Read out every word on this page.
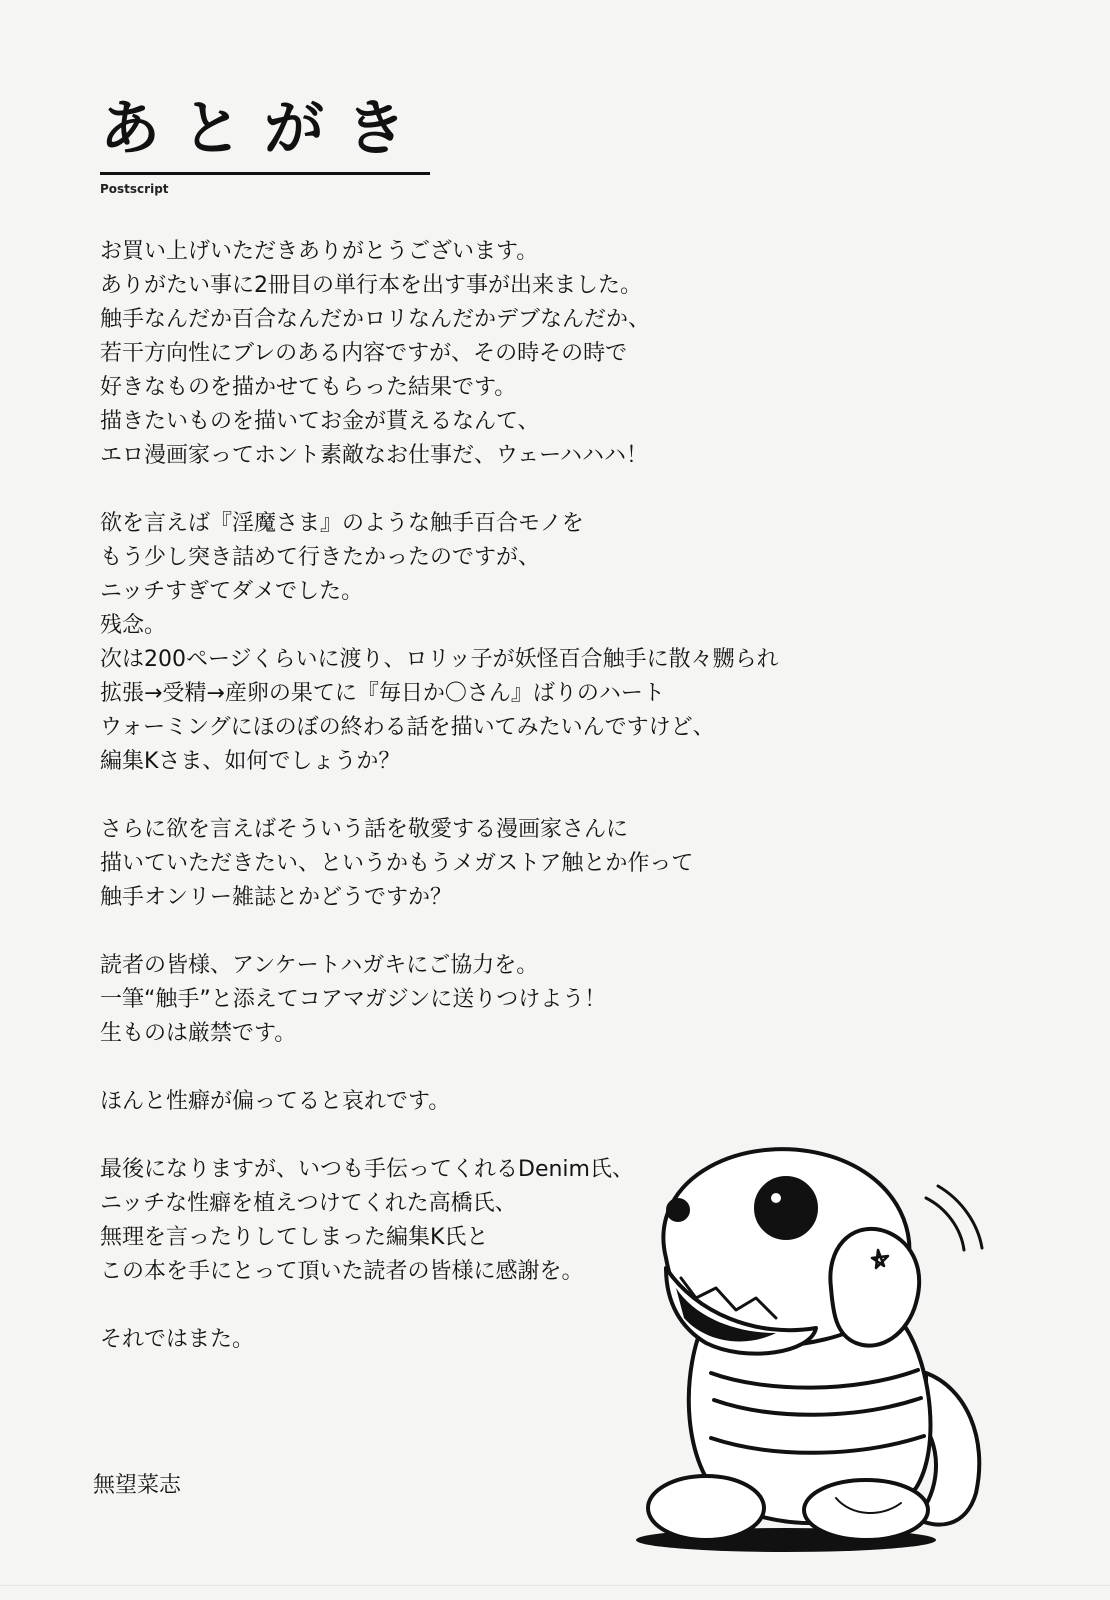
あとがき
Postscript

お買い上げいただきありがとうございます。
ありがたい事に2冊目の単行本を出す事が出来ました。
触手なんだか百合なんだかロリなんだかデブなんだか、
若干方向性にブレのある内容ですが、その時その時で
好きなものを描かせてもらった結果です。
描きたいものを描いてお金が貰えるなんて、
エロ漫画家ってホント素敵なお仕事だ、ウェーハハハ！

欲を言えば『淫魔さま』のような触手百合モノを
もう少し突き詰めて行きたかったのですが、
ニッチすぎてダメでした。
残念。
次は200ページくらいに渡り、ロリッ子が妖怪百合触手に散々嬲られ
拡張→受精→産卵の果てに『毎日か〇さん』ばりのハート
ウォーミングにほのぼの終わる話を描いてみたいんですけど、
編集Kさま、如何でしょうか？

さらに欲を言えばそういう話を敬愛する漫画家さんに
描いていただきたい、というかもうメガストア触とか作って
触手オンリー雑誌とかどうですか？

読者の皆様、アンケートハガキにご協力を。
一筆“触手”と添えてコアマガジンに送りつけよう！
生ものは厳禁です。

ほんと性癖が偏ってると哀れです。

最後になりますが、いつも手伝ってくれるDenim氏、
ニッチな性癖を植えつけてくれた高橋氏、
無理を言ったりしてしまった編集K氏と
この本を手にとって頂いた読者の皆様に感謝を。

それではまた。

無望菜志
